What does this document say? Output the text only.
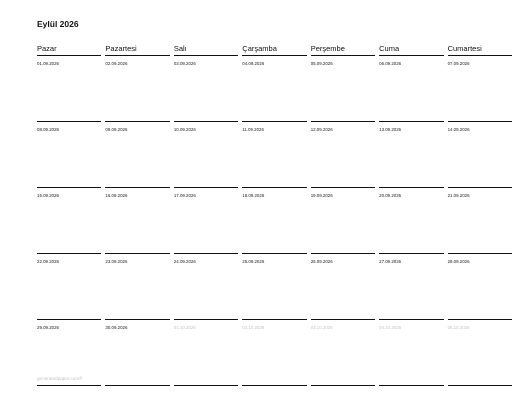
Eylül 2026
Pazar	Pazartesi	Salı	Çarşamba	Perşembe	Cuma	Cumartesi
01.09.2026	02.09.2026	03.09.2026	04.09.2026	05.09.2026	06.09.2026	07.09.2026
08.09.2026	09.09.2026	10.09.2026	11.09.2026	12.09.2026	13.09.2026	14.09.2026
15.09.2026	16.09.2026	17.09.2026	18.09.2026	19.09.2026	20.09.2026	21.09.2026
22.09.2026	23.09.2026	24.09.2026	25.09.2026	26.09.2026	27.09.2026	28.09.2026
29.09.2026	30.09.2026	01.10.2026	02.10.2026	03.10.2026	04.10.2026	05.10.2026
generatedpaper.com®
